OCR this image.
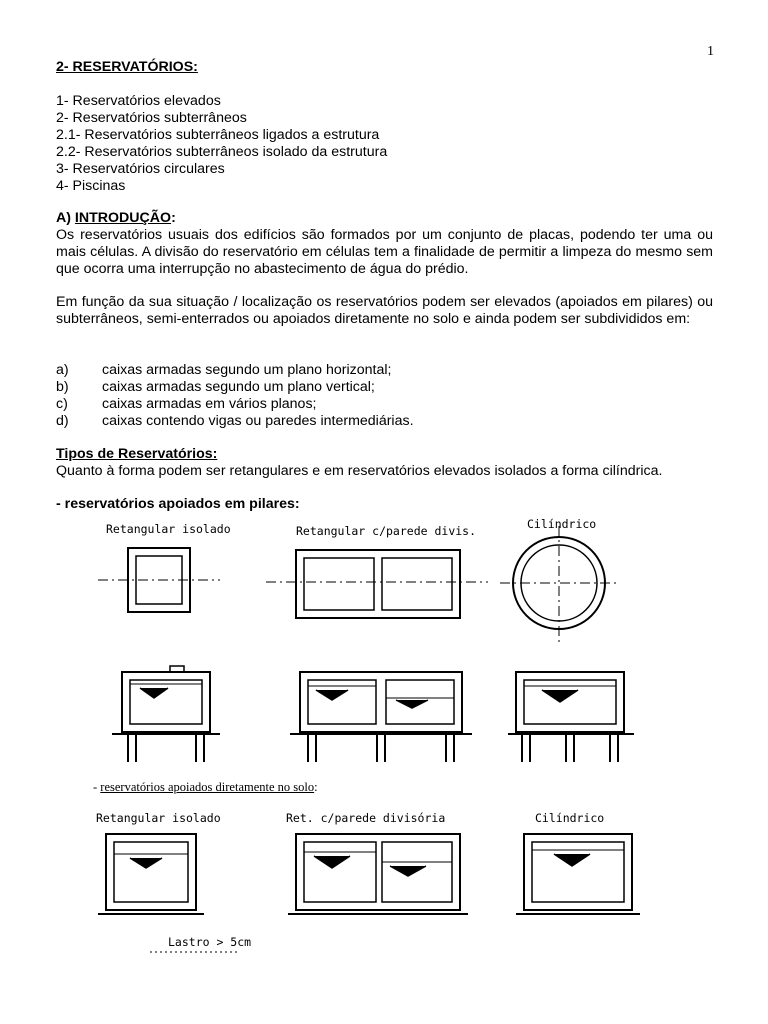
1
2- RESERVATÓRIOS:
1- Reservatórios elevados
2- Reservatórios subterrâneos
2.1- Reservatórios subterrâneos ligados a estrutura
2.2- Reservatórios subterrâneos isolado da estrutura
3- Reservatórios circulares
4- Piscinas
A) INTRODUÇÃO:
Os reservatórios usuais dos edifícios são formados por um conjunto de placas, podendo ter uma ou mais células. A divisão do reservatório em células tem a finalidade de permitir a limpeza do mesmo sem que ocorra uma interrupção no abastecimento de água do prédio.
Em função da sua situação / localização os reservatórios podem ser elevados (apoiados em pilares) ou subterrâneos, semi-enterrados ou apoiados diretamente no solo e ainda podem ser subdivididos em:
a)	caixas armadas segundo um plano horizontal;
b)	caixas armadas segundo um plano vertical;
c)	caixas armadas em vários planos;
d)	caixas contendo vigas ou paredes intermediárias.
Tipos de Reservatórios:
Quanto à forma podem ser retangulares e em reservatórios elevados isolados a forma cilíndrica.
- reservatórios apoiados em pilares:
Retangular isolado	Retangular c/parede divis.	Cilíndrico
- reservatórios apoiados diretamente no solo:
Retangular isolado	Ret. c/parede divisória	Cilíndrico
Lastro > 5cm
